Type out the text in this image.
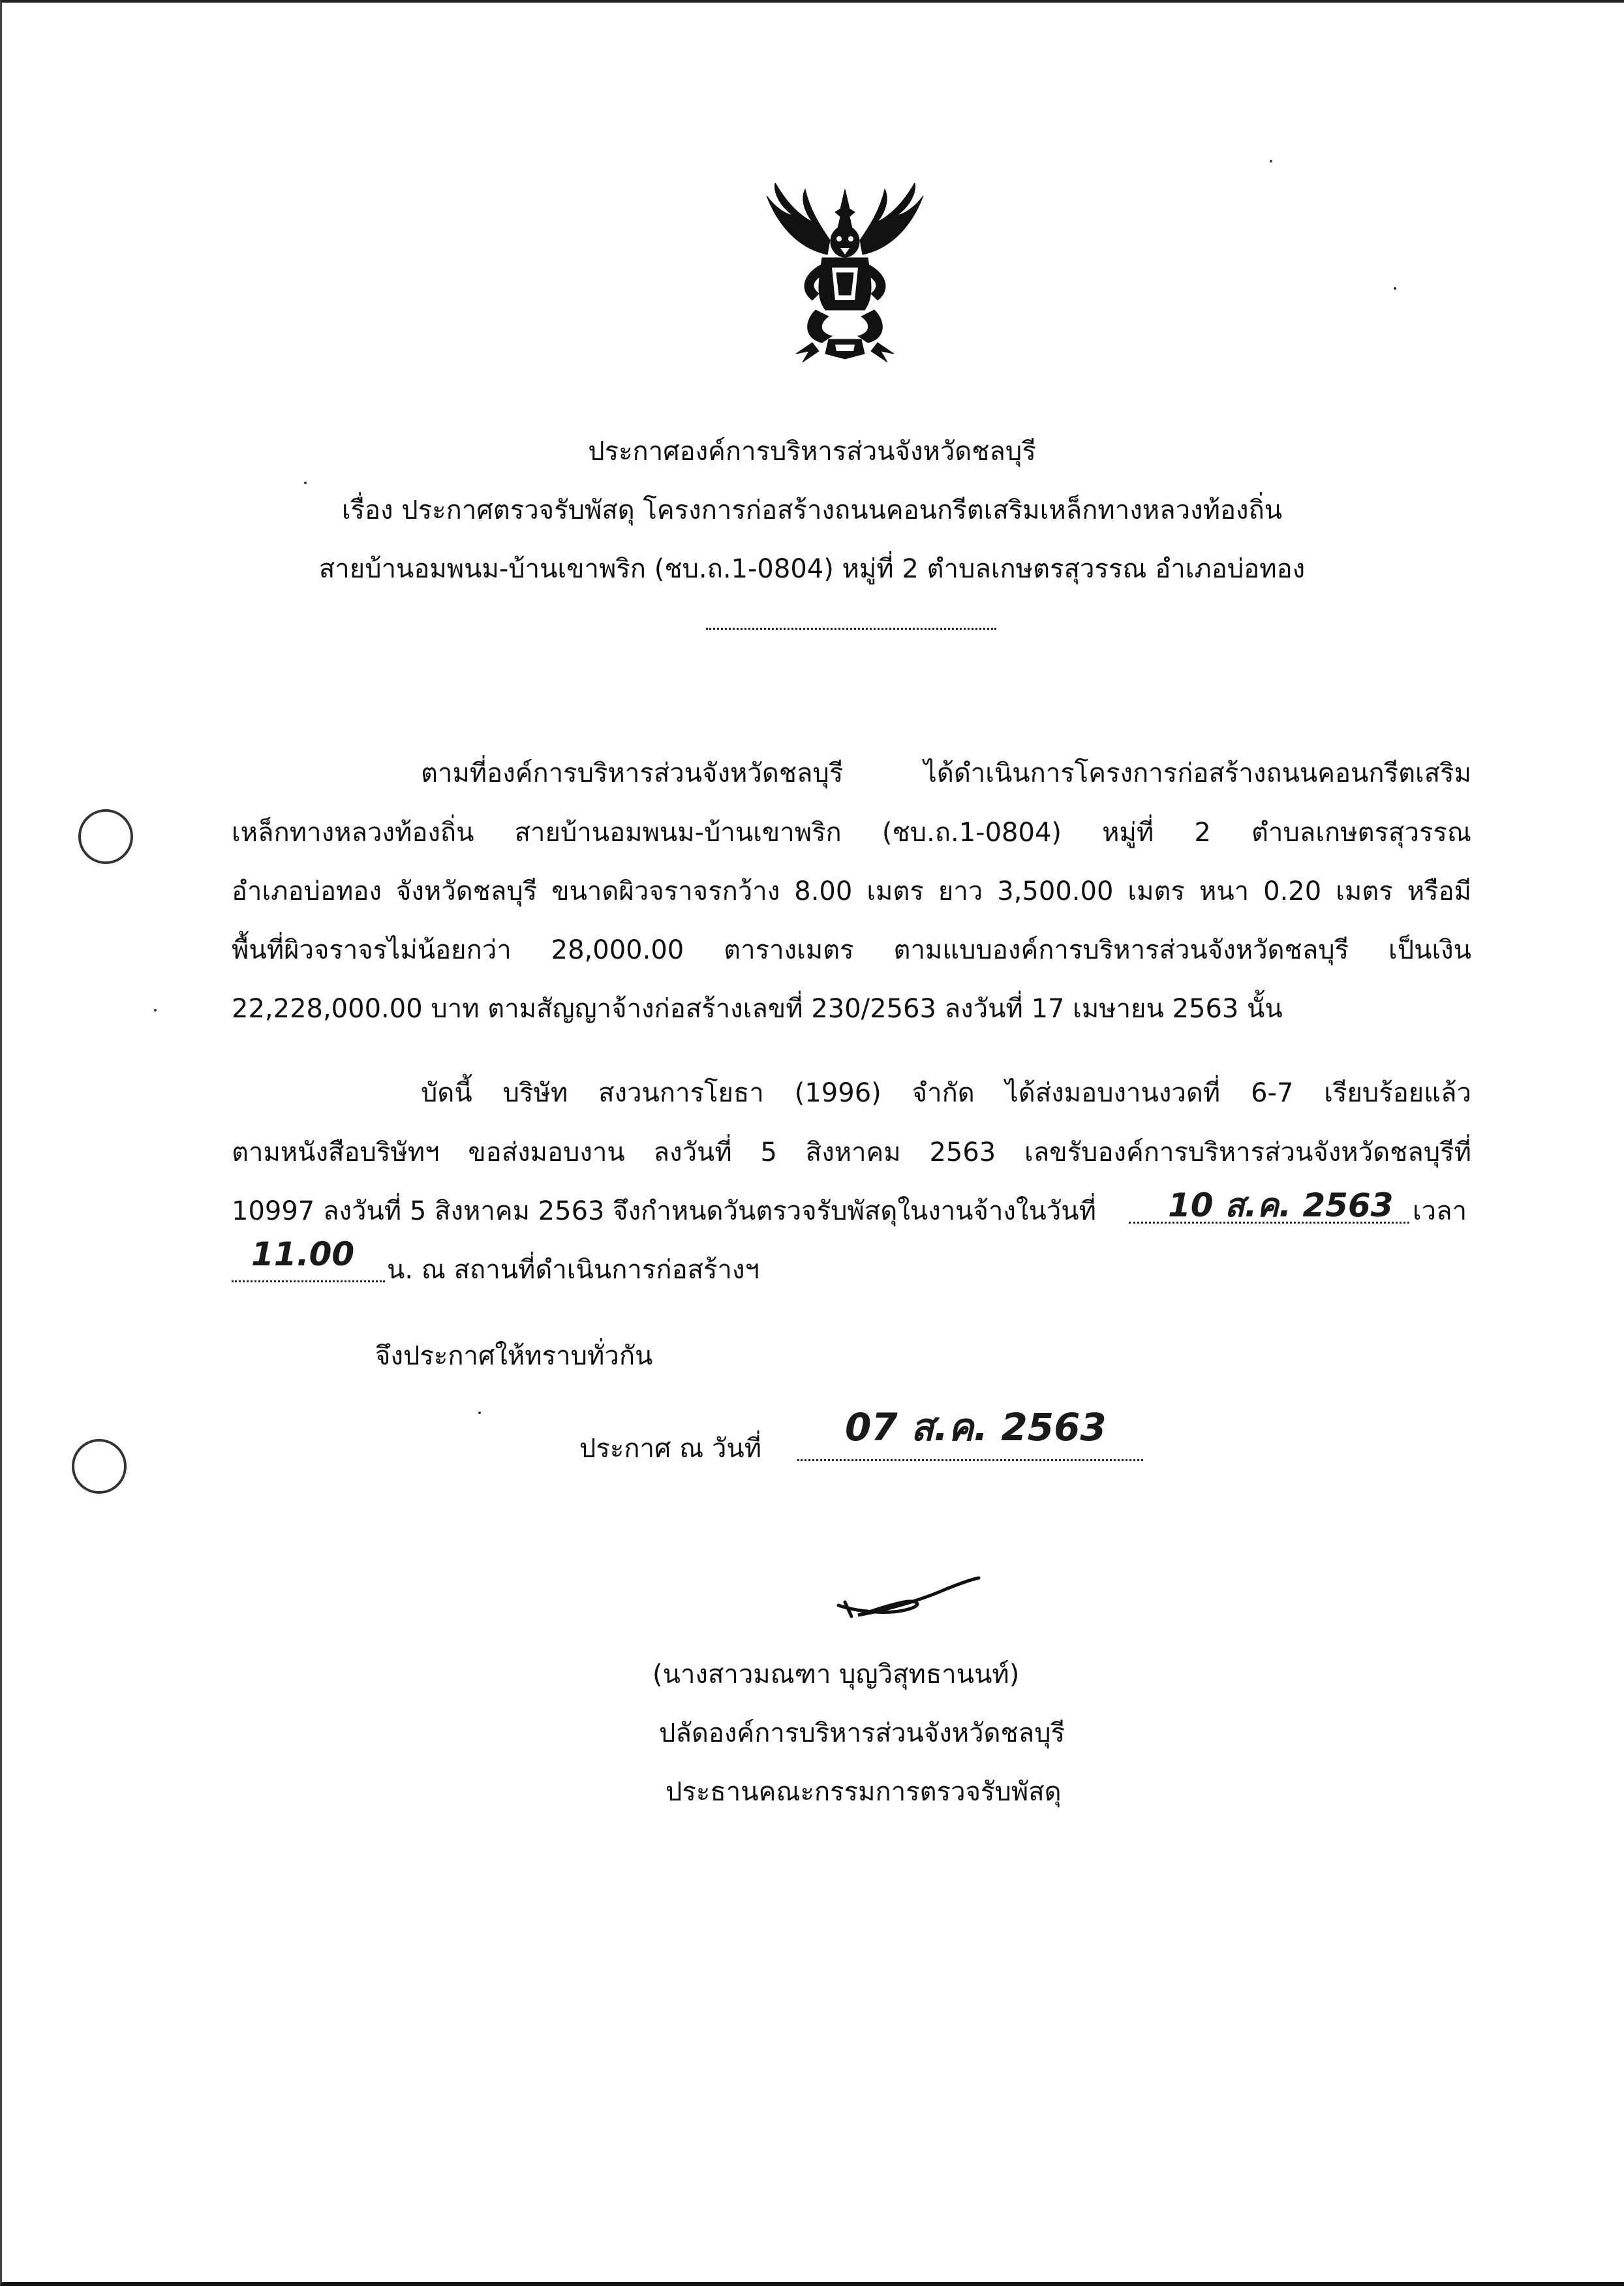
ประกาศองค์การบริหารส่วนจังหวัดชลบุรี
เรื่อง ประกาศตรวจรับพัสดุ โครงการก่อสร้างถนนคอนกรีตเสริมเหล็กทางหลวงท้องถิ่น
สายบ้านอมพนม-บ้านเขาพริก (ชบ.ถ.1-0804) หมู่ที่ 2 ตำบลเกษตรสุวรรณ อำเภอบ่อทอง
ตามที่องค์การบริหารส่วนจังหวัดชลบุรี ได้ดำเนินการโครงการก่อสร้างถนนคอนกรีตเสริม
เหล็กทางหลวงท้องถิ่น สายบ้านอมพนม-บ้านเขาพริก (ชบ.ถ.1-0804) หมู่ที่ 2 ตำบลเกษตรสุวรรณ
อำเภอบ่อทอง จังหวัดชลบุรี ขนาดผิวจราจรกว้าง 8.00 เมตร ยาว 3,500.00 เมตร หนา 0.20 เมตร หรือมี
พื้นที่ผิวจราจรไม่น้อยกว่า 28,000.00 ตารางเมตร ตามแบบองค์การบริหารส่วนจังหวัดชลบุรี เป็นเงิน
22,228,000.00 บาท ตามสัญญาจ้างก่อสร้างเลขที่ 230/2563 ลงวันที่ 17 เมษายน 2563 นั้น
บัดนี้ บริษัท สงวนการโยธา (1996) จำกัด ได้ส่งมอบงานงวดที่ 6-7 เรียบร้อยแล้ว
ตามหนังสือบริษัทฯ ขอส่งมอบงาน ลงวันที่ 5 สิงหาคม 2563 เลขรับองค์การบริหารส่วนจังหวัดชลบุรีที่
10997 ลงวันที่ 5 สิงหาคม 2563 จึงกำหนดวันตรวจรับพัสดุในงานจ้างในวันที่ 10 ส.ค. 2563 เวลา
11.00 น. ณ สถานที่ดำเนินการก่อสร้างฯ
จึงประกาศให้ทราบทั่วกัน
ประกาศ ณ วันที่ 07 ส.ค. 2563
(นางสาวมณฑา บุญวิสุทธานนท์)
ปลัดองค์การบริหารส่วนจังหวัดชลบุรี
ประธานคณะกรรมการตรวจรับพัสดุ
